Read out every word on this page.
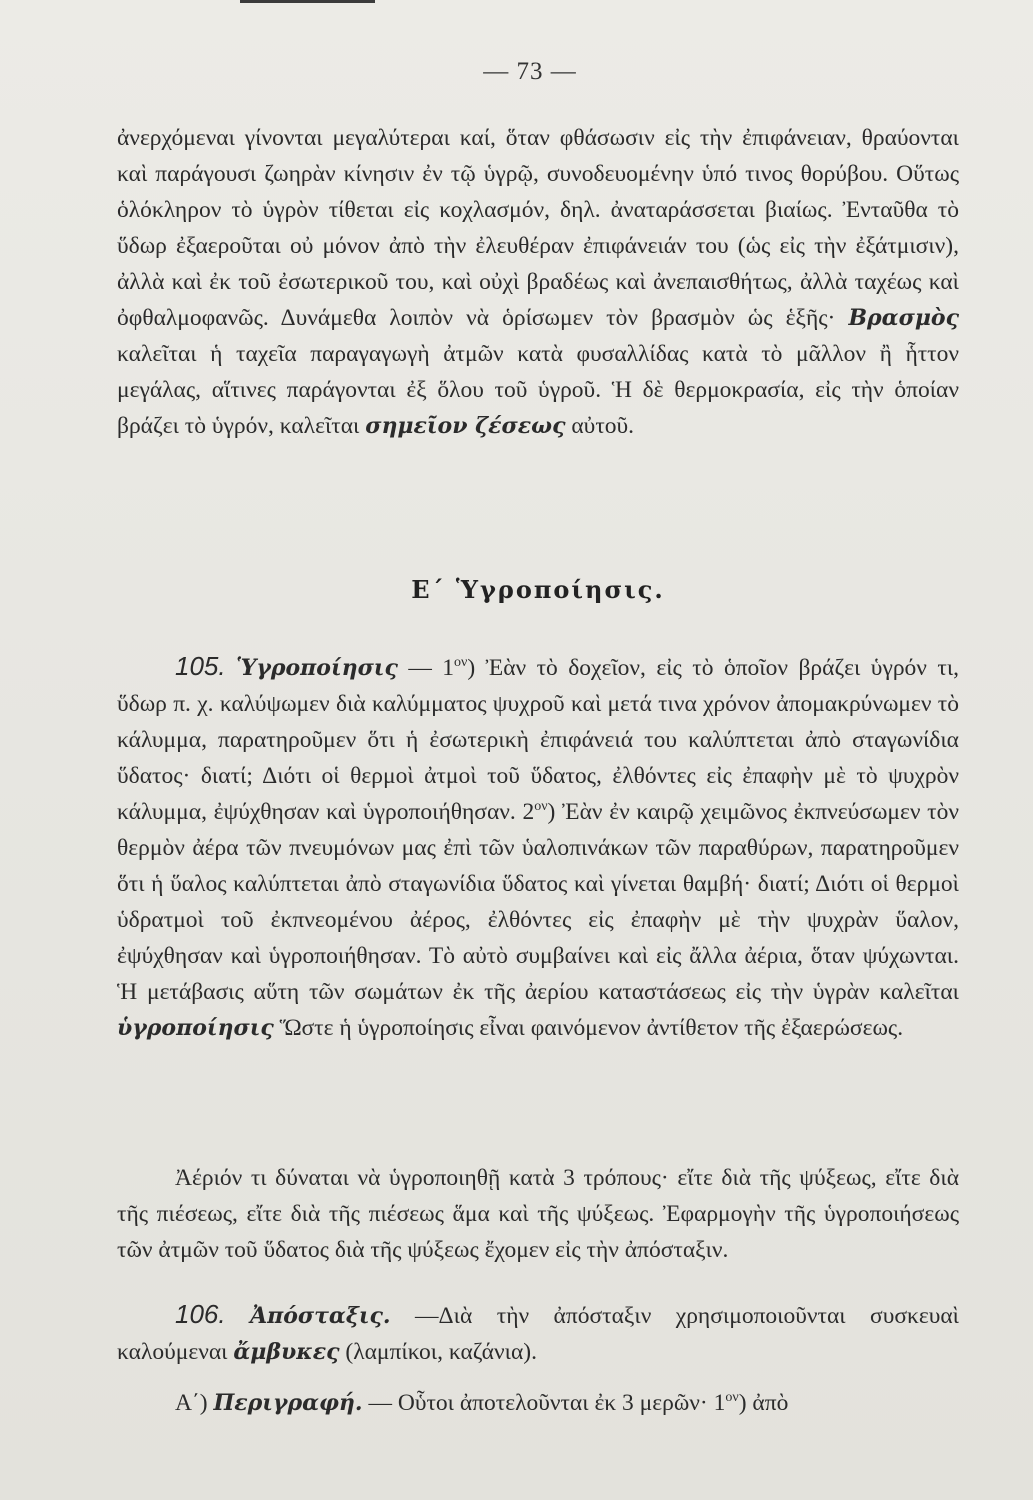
— 73 —

ἀνερχόμεναι γίνονται μεγαλύτεραι καί, ὅταν φθάσωσιν εἰς τὴν ἐπιφάνειαν, θραύονται καὶ παράγουσι ζωηρὰν κίνησιν ἐν τῷ ὑγρῷ, συνοδευομένην ὑπό τινος θορύβου. Οὕτως ὁλόκληρον τὸ ὑγρὸν τίθεται εἰς κοχλασμόν, δηλ. ἀναταράσσεται βιαίως. Ἐνταῦθα τὸ ὕδωρ ἐξαεροῦται οὐ μόνον ἀπὸ τὴν ἐλευθέραν ἐπιφάνειάν του (ὡς εἰς τὴν ἐξάτμισιν), ἀλλὰ καὶ ἐκ τοῦ ἐσωτερικοῦ του, καὶ οὐχὶ βραδέως καὶ ἀνεπαισθήτως, ἀλλὰ ταχέως καὶ ὀφθαλμοφανῶς. Δυνάμεθα λοιπὸν νὰ ὁρίσωμεν τὸν βρασμὸν ὡς ἑξῆς· Βρασμὸς καλεῖται ἡ ταχεῖα παραγαγωγὴ ἀτμῶν κατὰ φυσαλλίδας κατὰ τὸ μᾶλλον ἢ ἧττον μεγάλας, αἵτινες παράγονται ἐξ ὅλου τοῦ ὑγροῦ. Ἡ δὲ θερμοκρασία, εἰς τὴν ὁποίαν βράζει τὸ ὑγρόν, καλεῖται σημεῖον ζέσεως αὐτοῦ.

Ε΄ Ὑγροποίησις.

105. Ὑγροποίησις — $1^{o\nu}$) Ἐὰν τὸ δοχεῖον, εἰς τὸ ὁποῖον βράζει ὑγρόν τι, ὕδωρ π. χ. καλύψωμεν διὰ καλύμματος ψυχροῦ καὶ μετά τινα χρόνον ἀπομακρύνωμεν τὸ κάλυμμα, παρατηροῦμεν ὅτι ἡ ἐσωτερικὴ ἐπιφάνειά του καλύπτεται ἀπὸ σταγωνίδια ὕδατος· διατί; Διότι οἱ θερμοὶ ἀτμοὶ τοῦ ὕδατος, ἐλθόντες εἰς ἐπαφὴν μὲ τὸ ψυχρὸν κάλυμμα, ἐψύχθησαν καὶ ὑγροποιήθησαν. $2^{o\nu}$) Ἐὰν ἐν καιρῷ χειμῶνος ἐκπνεύσωμεν τὸν θερμὸν ἀέρα τῶν πνευμόνων μας ἐπὶ τῶν ὑαλοπινάκων τῶν παραθύρων, παρατηροῦμεν ὅτι ἡ ὕαλος καλύπτεται ἀπὸ σταγωνίδια ὕδατος καὶ γίνεται θαμβή· διατί; Διότι οἱ θερμοὶ ὑδρατμοὶ τοῦ ἐκπνεομένου ἀέρος, ἐλθόντες εἰς ἐπαφὴν μὲ τὴν ψυχρὰν ὕαλον, ἐψύχθησαν καὶ ὑγροποιήθησαν. Τὸ αὐτὸ συμβαίνει καὶ εἰς ἄλλα ἀέρια, ὅταν ψύχωνται. Ἡ μετάβασις αὕτη τῶν σωμάτων ἐκ τῆς ἀερίου καταστάσεως εἰς τὴν ὑγρὰν καλεῖται ὑγροποίησις Ὥστε ἡ ὑγροποίησις εἶναι φαινόμενον ἀντίθετον τῆς ἐξαερώσεως.

Ἀέριόν τι δύναται νὰ ὑγροποιηθῇ κατὰ 3 τρόπους· εἴτε διὰ τῆς ψύξεως, εἴτε διὰ τῆς πιέσεως, εἴτε διὰ τῆς πιέσεως ἅμα καὶ τῆς ψύξεως. Ἐφαρμογὴν τῆς ὑγροποιήσεως τῶν ἀτμῶν τοῦ ὕδατος διὰ τῆς ψύξεως ἔχομεν εἰς τὴν ἀπόσταξιν.

106. Ἀπόσταξις. —Διὰ τὴν ἀπόσταξιν χρησιμοποιοῦνται συσκευαὶ καλούμεναι ἄμβυκες (λαμπίκοι, καζάνια).

Α΄) Περιγραφή. — Οὗτοι ἀποτελοῦνται ἐκ 3 μερῶν· $1^{o\nu}$) ἀπὸ
